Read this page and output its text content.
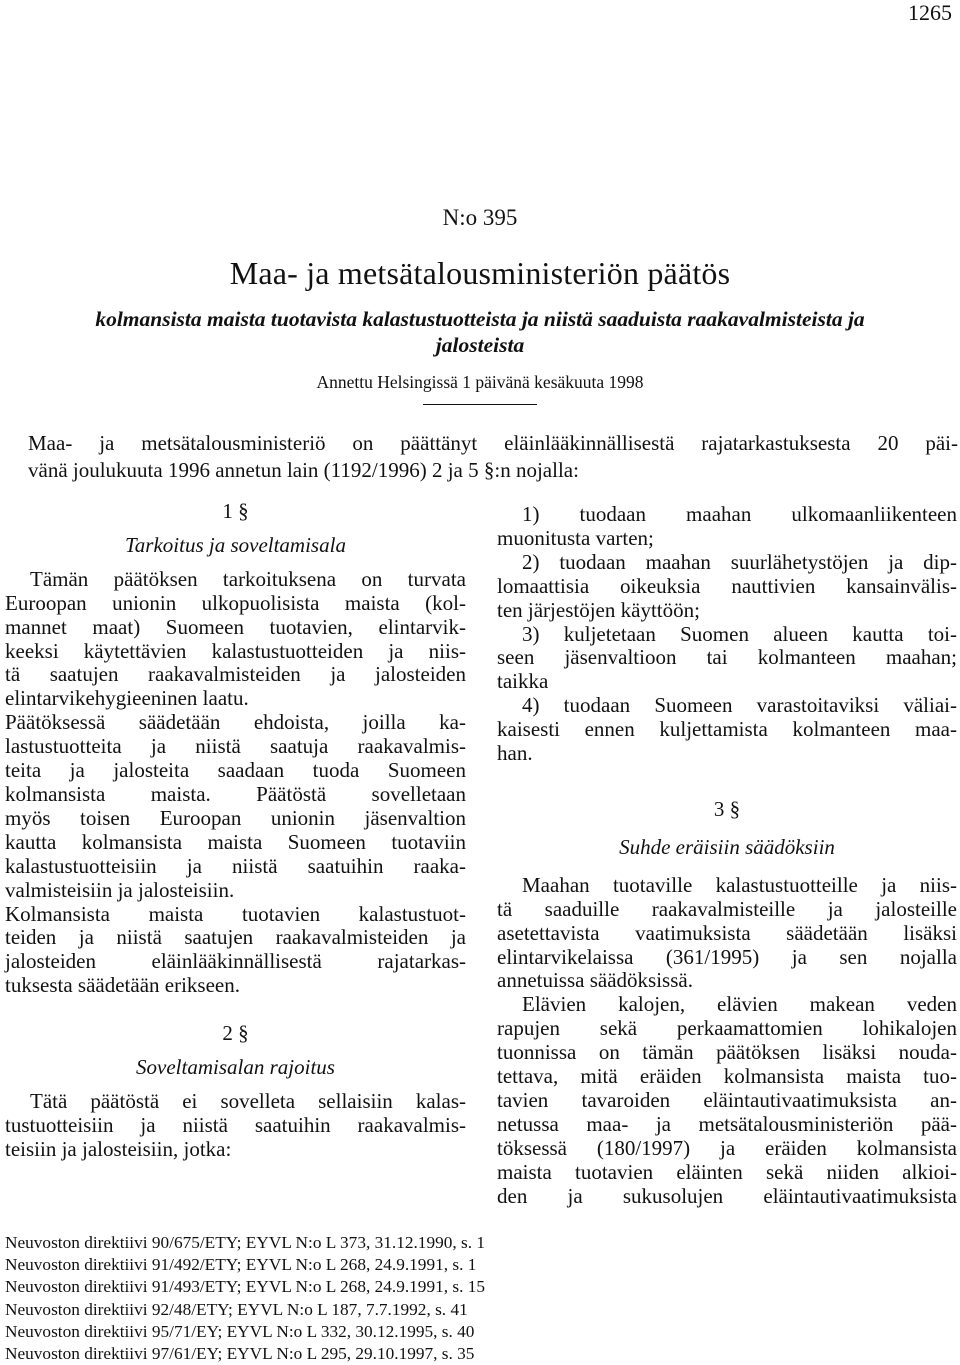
1265
N:o 395
Maa- ja metsätalousministeriön päätös
kolmansista maista tuotavista kalastustuotteista ja niistä saaduista raakavalmisteista ja
jalosteista
Annettu Helsingissä 1 päivänä kesäkuuta 1998
Maa- ja metsätalousministeriö on päättänyt eläinlääkinnällisestä rajatarkastuksesta 20 päi-
vänä joulukuuta 1996 annetun lain (1192/1996) 2 ja 5 §:n nojalla:
1 §
Tarkoitus ja soveltamisala
Tämän päätöksen tarkoituksena on turvata
Euroopan unionin ulkopuolisista maista (kol-
mannet maat) Suomeen tuotavien, elintarvik-
keeksi käytettävien kalastustuotteiden ja niis-
tä saatujen raakavalmisteiden ja jalosteiden
elintarvikehygieeninen laatu.
Päätöksessä säädetään ehdoista, joilla ka-
lastustuotteita ja niistä saatuja raakavalmis-
teita ja jalosteita saadaan tuoda Suomeen
kolmansista maista. Päätöstä sovelletaan
myös toisen Euroopan unionin jäsenvaltion
kautta kolmansista maista Suomeen tuotaviin
kalastustuotteisiin ja niistä saatuihin raaka-
valmisteisiin ja jalosteisiin.
Kolmansista maista tuotavien kalastustuot-
teiden ja niistä saatujen raakavalmisteiden ja
jalosteiden eläinlääkinnällisestä rajatarkas-
tuksesta säädetään erikseen.
2 §
Soveltamisalan rajoitus
Tätä päätöstä ei sovelleta sellaisiin kalas-
tustuotteisiin ja niistä saatuihin raakavalmis-
teisiin ja jalosteisiin, jotka:
1) tuodaan maahan ulkomaanliikenteen
muonitusta varten;
2) tuodaan maahan suurlähetystöjen ja dip-
lomaattisia oikeuksia nauttivien kansainvälis-
ten järjestöjen käyttöön;
3) kuljetetaan Suomen alueen kautta toi-
seen jäsenvaltioon tai kolmanteen maahan;
taikka
4) tuodaan Suomeen varastoitaviksi väliai-
kaisesti ennen kuljettamista kolmanteen maa-
han.
3 §
Suhde eräisiin säädöksiin
Maahan tuotaville kalastustuotteille ja niis-
tä saaduille raakavalmisteille ja jalosteille
asetettavista vaatimuksista säädetään lisäksi
elintarvikelaissa (361/1995) ja sen nojalla
annetuissa säädöksissä.
Elävien kalojen, elävien makean veden
rapujen sekä perkaamattomien lohikalojen
tuonnissa on tämän päätöksen lisäksi nouda-
tettava, mitä eräiden kolmansista maista tuo-
tavien tavaroiden eläintautivaatimuksista an-
netussa maa- ja metsätalousministeriön pää-
töksessä (180/1997) ja eräiden kolmansista
maista tuotavien eläinten sekä niiden alkioi-
den ja sukusolujen eläintautivaatimuksista
Neuvoston direktiivi 90/675/ETY; EYVL N:o L 373, 31.12.1990, s. 1
Neuvoston direktiivi 91/492/ETY; EYVL N:o L 268, 24.9.1991, s. 1
Neuvoston direktiivi 91/493/ETY; EYVL N:o L 268, 24.9.1991, s. 15
Neuvoston direktiivi 92/48/ETY; EYVL N:o L 187, 7.7.1992, s. 41
Neuvoston direktiivi 95/71/EY; EYVL N:o L 332, 30.12.1995, s. 40
Neuvoston direktiivi 97/61/EY; EYVL N:o L 295, 29.10.1997, s. 35
